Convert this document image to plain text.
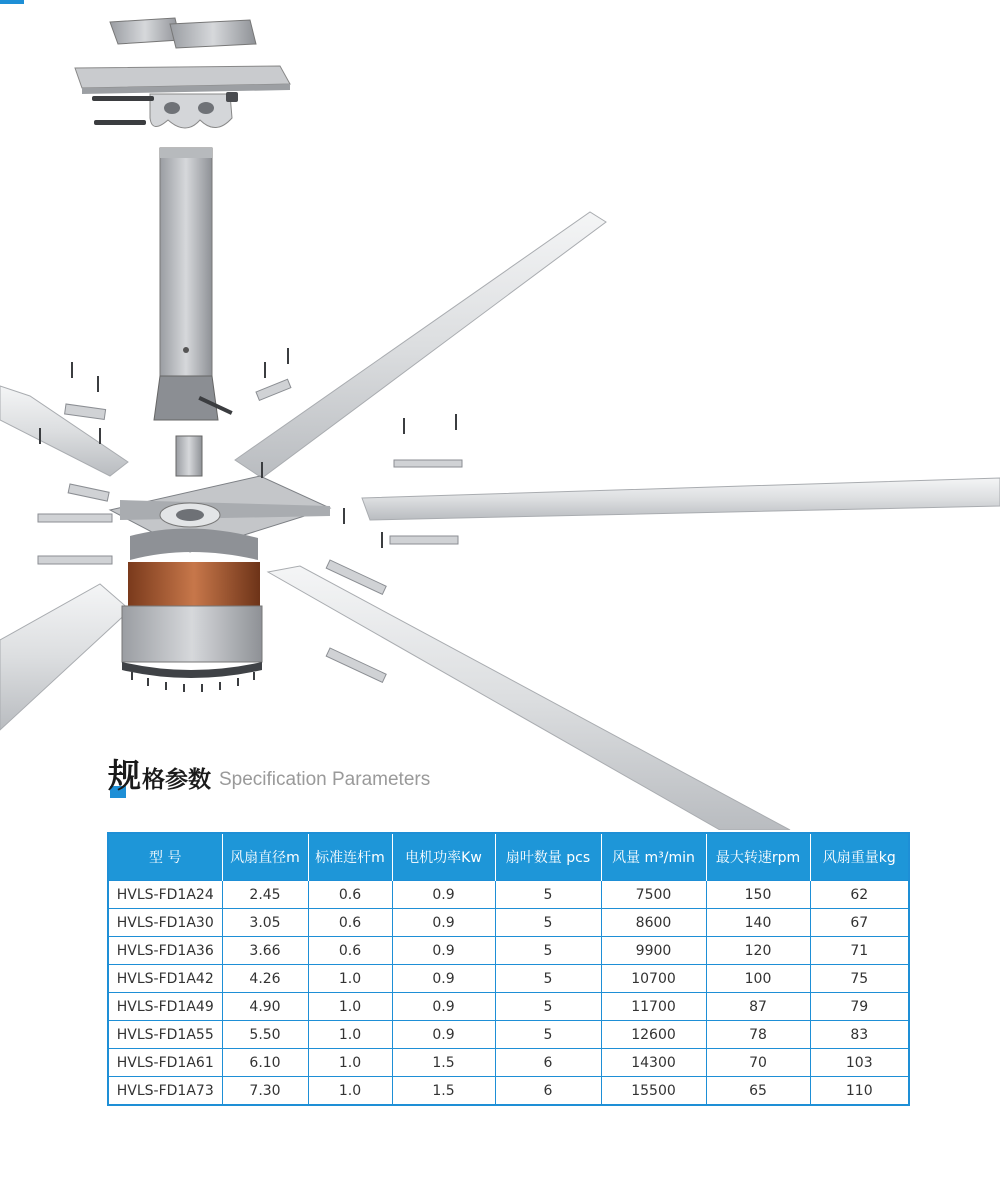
规 格参数 Specification Parameters
型 号	风扇直径m	标准连杆m	电机功率Kw	扇叶数量 pcs	风量 m³/min	最大转速rpm	风扇重量kg
HVLS-FD1A24	2.45	0.6	0.9	5	7500	150	62
HVLS-FD1A30	3.05	0.6	0.9	5	8600	140	67
HVLS-FD1A36	3.66	0.6	0.9	5	9900	120	71
HVLS-FD1A42	4.26	1.0	0.9	5	10700	100	75
HVLS-FD1A49	4.90	1.0	0.9	5	11700	87	79
HVLS-FD1A55	5.50	1.0	0.9	5	12600	78	83
HVLS-FD1A61	6.10	1.0	1.5	6	14300	70	103
HVLS-FD1A73	7.30	1.0	1.5	6	15500	65	110
